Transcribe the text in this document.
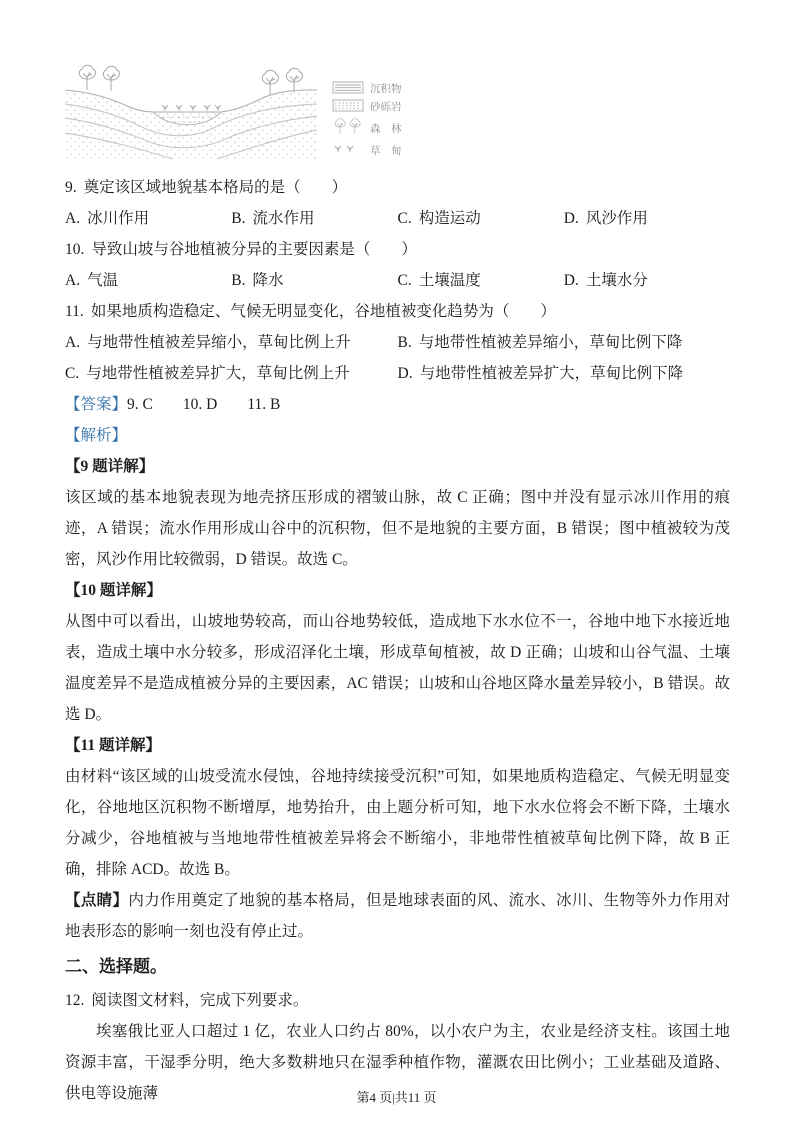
沉积物
砂砾岩
森　林
草　甸
9. 奠定该区域地貌基本格局的是（　　）
A. 冰川作用	B. 流水作用	C. 构造运动	D. 风沙作用
10. 导致山坡与谷地植被分异的主要因素是（　　）
A. 气温	B. 降水	C. 土壤温度	D. 土壤水分
11. 如果地质构造稳定、气候无明显变化，谷地植被变化趋势为（　　）
A. 与地带性植被差异缩小，草甸比例上升	B. 与地带性植被差异缩小，草甸比例下降
C. 与地带性植被差异扩大，草甸比例上升	D. 与地带性植被差异扩大，草甸比例下降
【答案】9. C 10. D 11. B
【解析】
【9 题详解】

该区域的基本地貌表现为地壳挤压形成的褶皱山脉，故 C 正确；图中并没有显示冰川作用的痕迹，A 错误；流水作用形成山谷中的沉积物，但不是地貌的主要方面，B 错误；图中植被较为茂密，风沙作用比较微弱，D 错误。故选 C。

【10 题详解】

从图中可以看出，山坡地势较高，而山谷地势较低，造成地下水水位不一，谷地中地下水接近地表，造成土壤中水分较多，形成沼泽化土壤，形成草甸植被，故 D 正确；山坡和山谷气温、土壤温度差异不是造成植被分异的主要因素，AC 错误；山坡和山谷地区降水量差异较小，B 错误。故选 D。

【11 题详解】

由材料“该区域的山坡受流水侵蚀，谷地持续接受沉积”可知，如果地质构造稳定、气候无明显变化，谷地地区沉积物不断增厚，地势抬升，由上题分析可知，地下水水位将会不断下降，土壤水分减少，谷地植被与当地地带性植被差异将会不断缩小，非地带性植被草甸比例下降，故 B 正确，排除 ACD。故选 B。

【点睛】内力作用奠定了地貌的基本格局，但是地球表面的风、流水、冰川、生物等外力作用对地表形态的影响一刻也没有停止过。

二、选择题。
12. 阅读图文材料，完成下列要求。

埃塞俄比亚人口超过 1 亿，农业人口约占 80%，以小农户为主，农业是经济支柱。该国土地资源丰富，干湿季分明，绝大多数耕地只在湿季种植作物，灌溉农田比例小；工业基础及道路、供电等设施薄	第4 页|共11 页
